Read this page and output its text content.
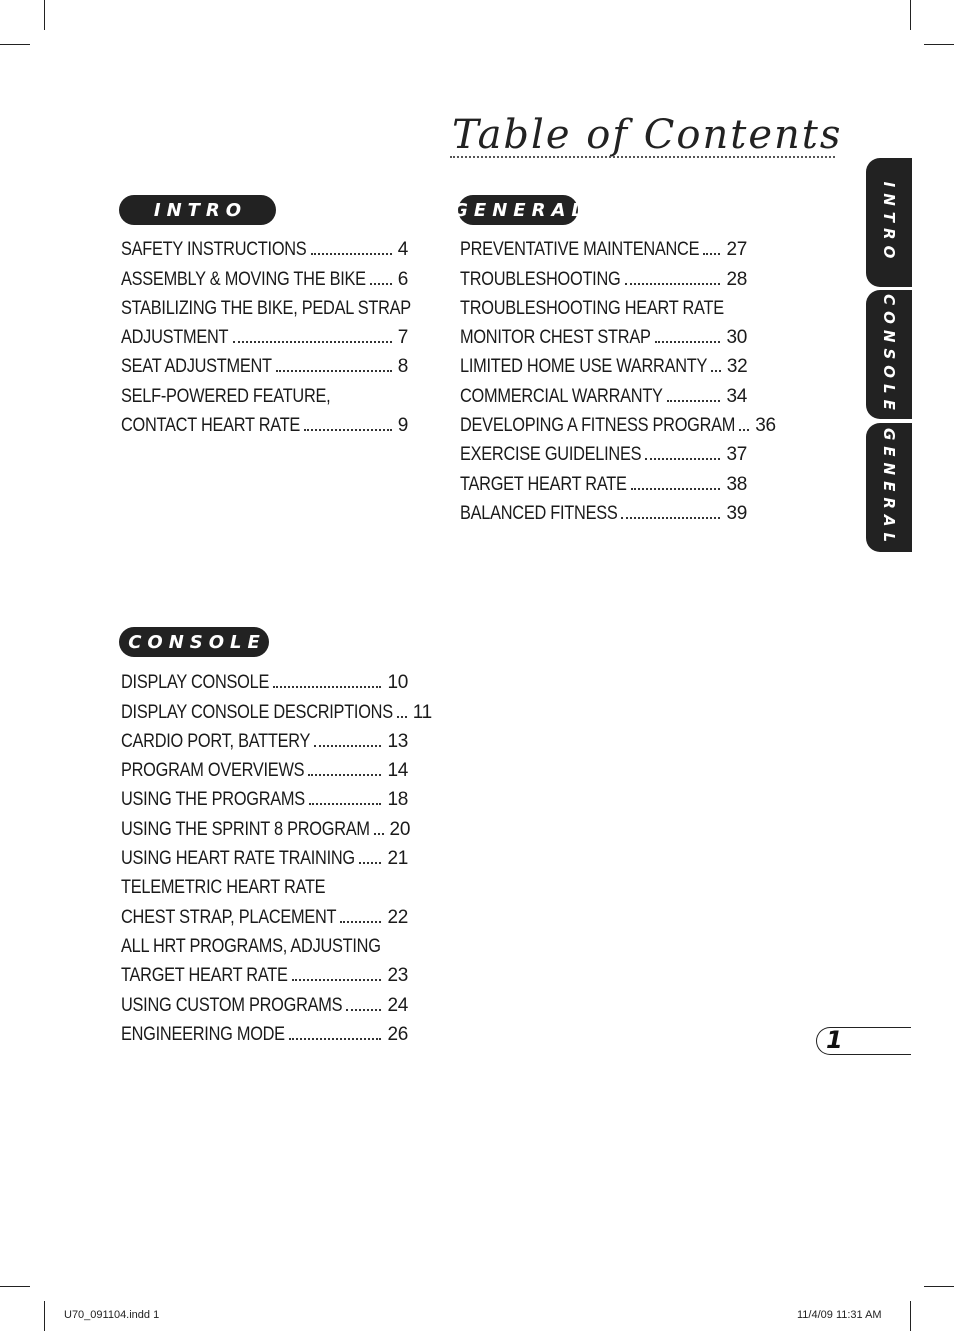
Table of Contents
INTRO
SAFETY INSTRUCTIONS	4
ASSEMBLY & MOVING THE BIKE 6
STABILIZING THE BIKE, PEDAL STRAP
ADJUSTMENT	7
SEAT ADJUSTMENT	8
SELF-POWERED FEATURE,
CONTACT HEART RATE	9
GENERAL
PREVENTATIVE MAINTENANCE 27
TROUBLESHOOTING	28
TROUBLESHOOTING HEART RATE
MONITOR CHEST STRAP	30
LIMITED HOME USE WARRANTY 32
COMMERCIAL WARRANTY	34
DEVELOPING A FITNESS PROGRAM 36
EXERCISE GUIDELINES	37
TARGET HEART RATE	38
BALANCED FITNESS	39
CONSOLE
DISPLAY CONSOLE	10
DISPLAY CONSOLE DESCRIPTIONS 11
CARDIO PORT, BATTERY	13
PROGRAM OVERVIEWS	14
USING THE PROGRAMS	18
USING THE SPRINT 8 PROGRAM 20
USING HEART RATE TRAINING 21
TELEMETRIC HEART RATE
CHEST STRAP, PLACEMENT	22
ALL HRT PROGRAMS, ADJUSTING
TARGET HEART RATE	23
USING CUSTOM PROGRAMS 24
ENGINEERING MODE	26
INTRO
CONSOLE
GENERAL
1
U70_091104.indd 1	11/4/09 11:31 AM
